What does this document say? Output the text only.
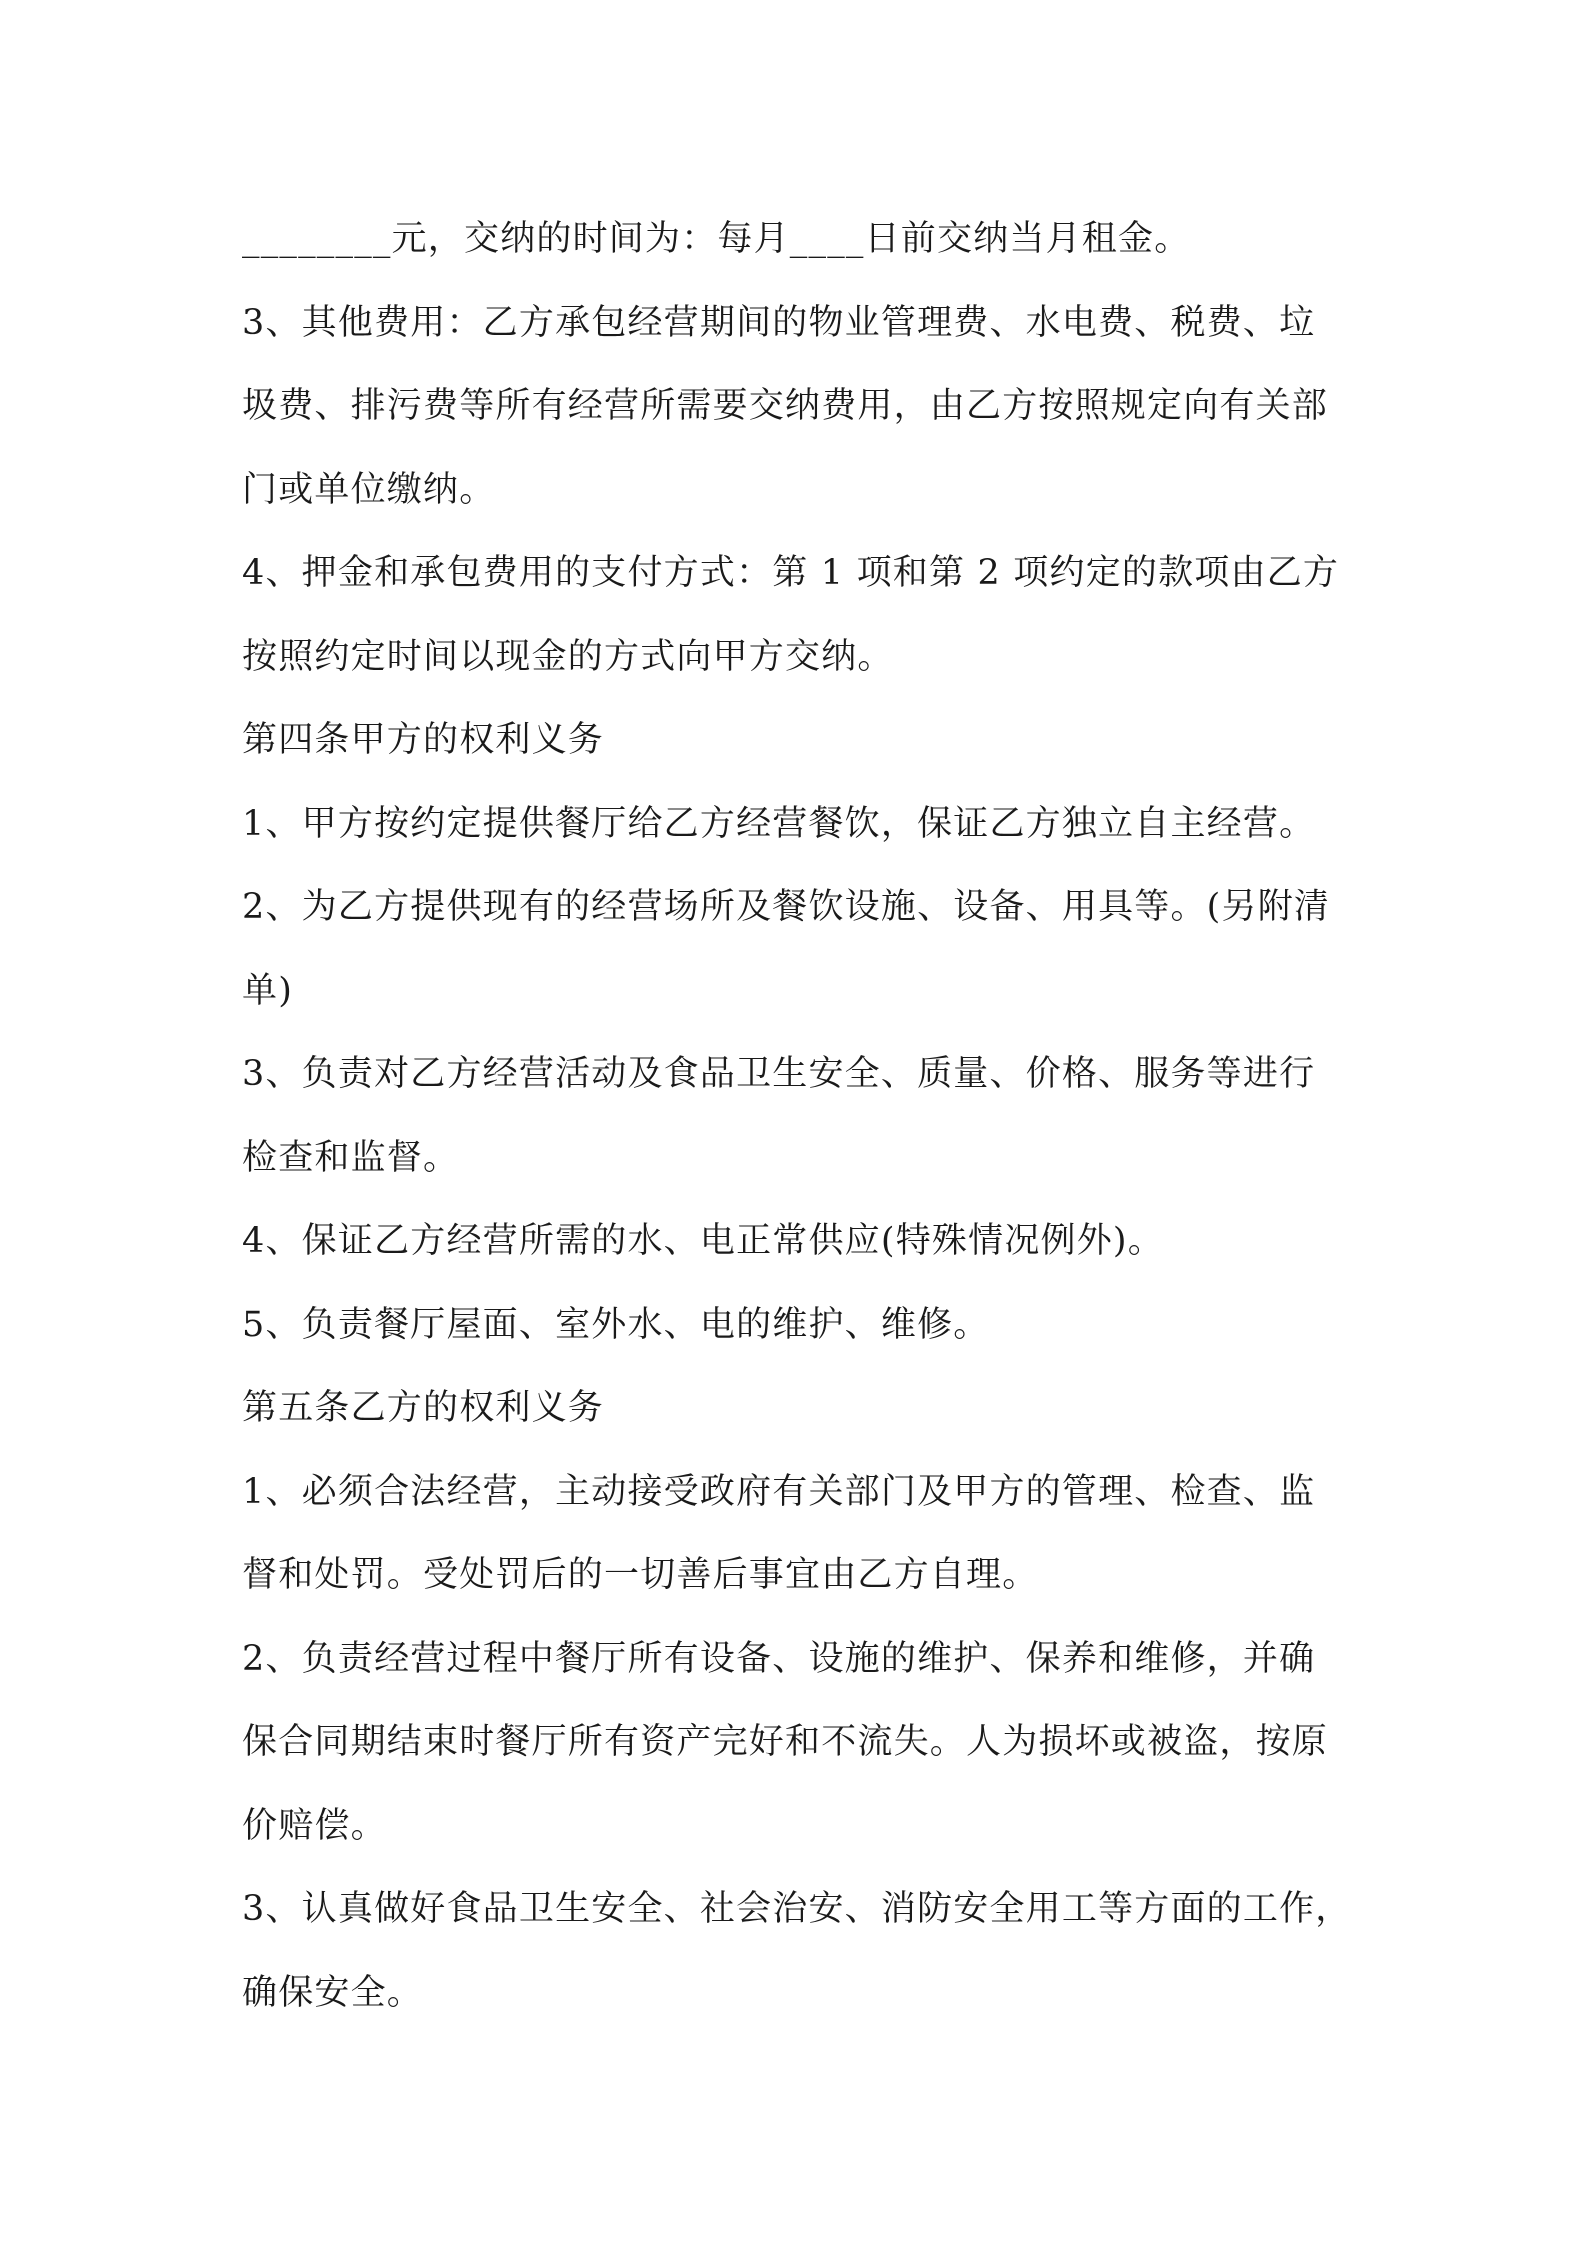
________元，交纳的时间为：每月____日前交纳当月租金。
3、其他费用：乙方承包经营期间的物业管理费、水电费、税费、垃
圾费、排污费等所有经营所需要交纳费用，由乙方按照规定向有关部
门或单位缴纳。
4、押金和承包费用的支付方式：第 1 项和第 2 项约定的款项由乙方
按照约定时间以现金的方式向甲方交纳。
第四条甲方的权利义务
1、甲方按约定提供餐厅给乙方经营餐饮，保证乙方独立自主经营。
2、为乙方提供现有的经营场所及餐饮设施、设备、用具等。(另附清
单)
3、负责对乙方经营活动及食品卫生安全、质量、价格、服务等进行
检查和监督。
4、保证乙方经营所需的水、电正常供应(特殊情况例外)。
5、负责餐厅屋面、室外水、电的维护、维修。
第五条乙方的权利义务
1、必须合法经营，主动接受政府有关部门及甲方的管理、检查、监
督和处罚。受处罚后的一切善后事宜由乙方自理。
2、负责经营过程中餐厅所有设备、设施的维护、保养和维修，并确
保合同期结束时餐厅所有资产完好和不流失。人为损坏或被盗，按原
价赔偿。
3、认真做好食品卫生安全、社会治安、消防安全用工等方面的工作，
确保安全。
